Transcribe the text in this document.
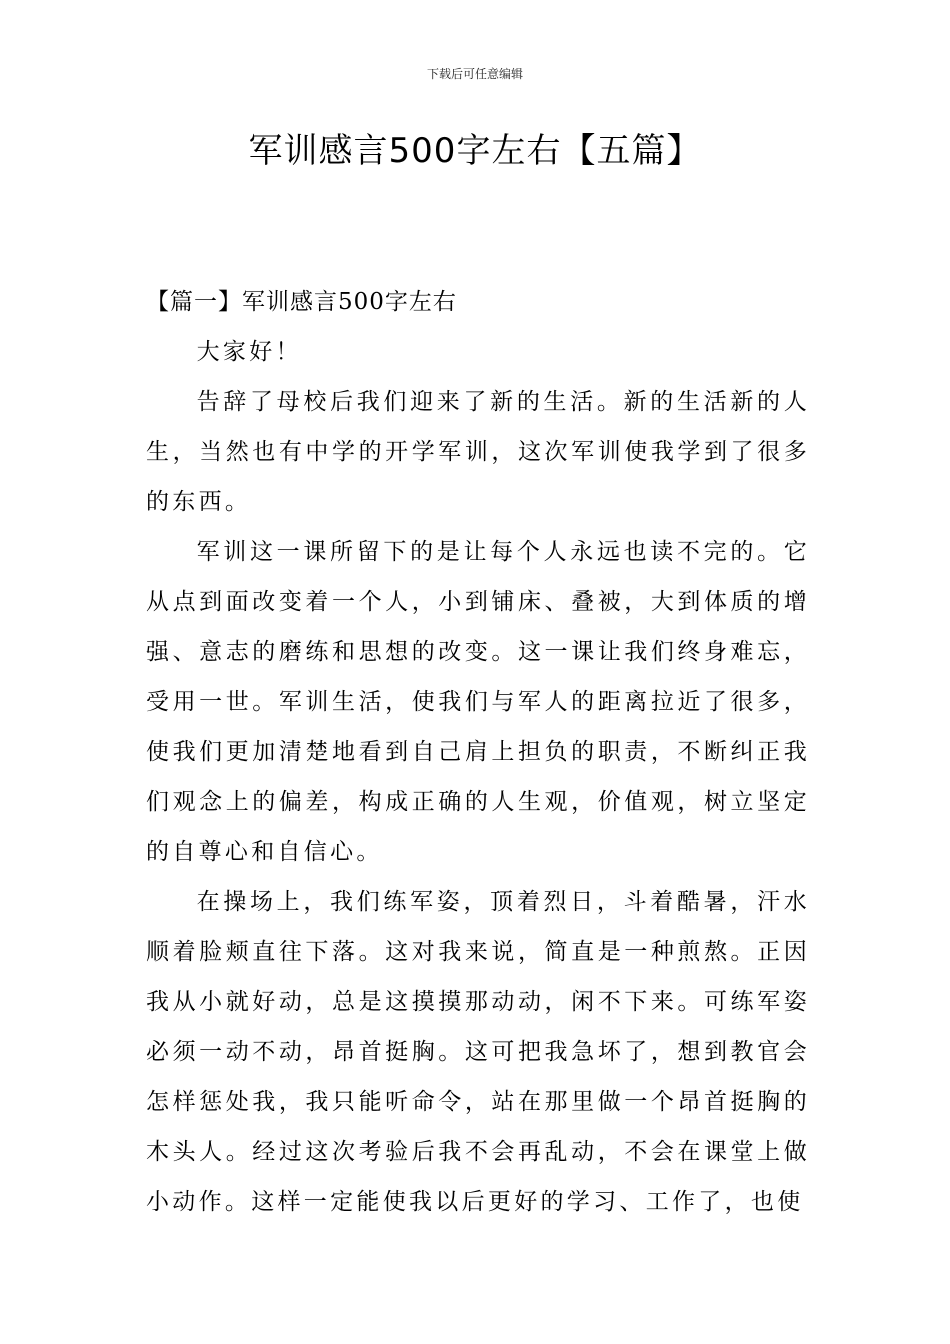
下载后可任意编辑
军训感言500字左右【五篇】
【篇一】军训感言500字左右

大家好！

告辞了母校后我们迎来了新的生活。新的生活新的人生，当然也有中学的开学军训，这次军训使我学到了很多的东西。

军训这一课所留下的是让每个人永远也读不完的。它从点到面改变着一个人，小到铺床、叠被，大到体质的增强、意志的磨练和思想的改变。这一课让我们终身难忘，受用一世。军训生活，使我们与军人的距离拉近了很多，使我们更加清楚地看到自己肩上担负的职责，不断纠正我们观念上的偏差，构成正确的人生观，价值观，树立坚定的自尊心和自信心。

在操场上，我们练军姿，顶着烈日，斗着酷暑，汗水顺着脸颊直往下落。这对我来说，简直是一种煎熬。正因我从小就好动，总是这摸摸那动动，闲不下来。可练军姿必须一动不动，昂首挺胸。这可把我急坏了，想到教官会怎样惩处我，我只能听命令，站在那里做一个昂首挺胸的木头人。经过这次考验后我不会再乱动，不会在课堂上做小动作。这样一定能使我以后更好的学习、工作了，也使
